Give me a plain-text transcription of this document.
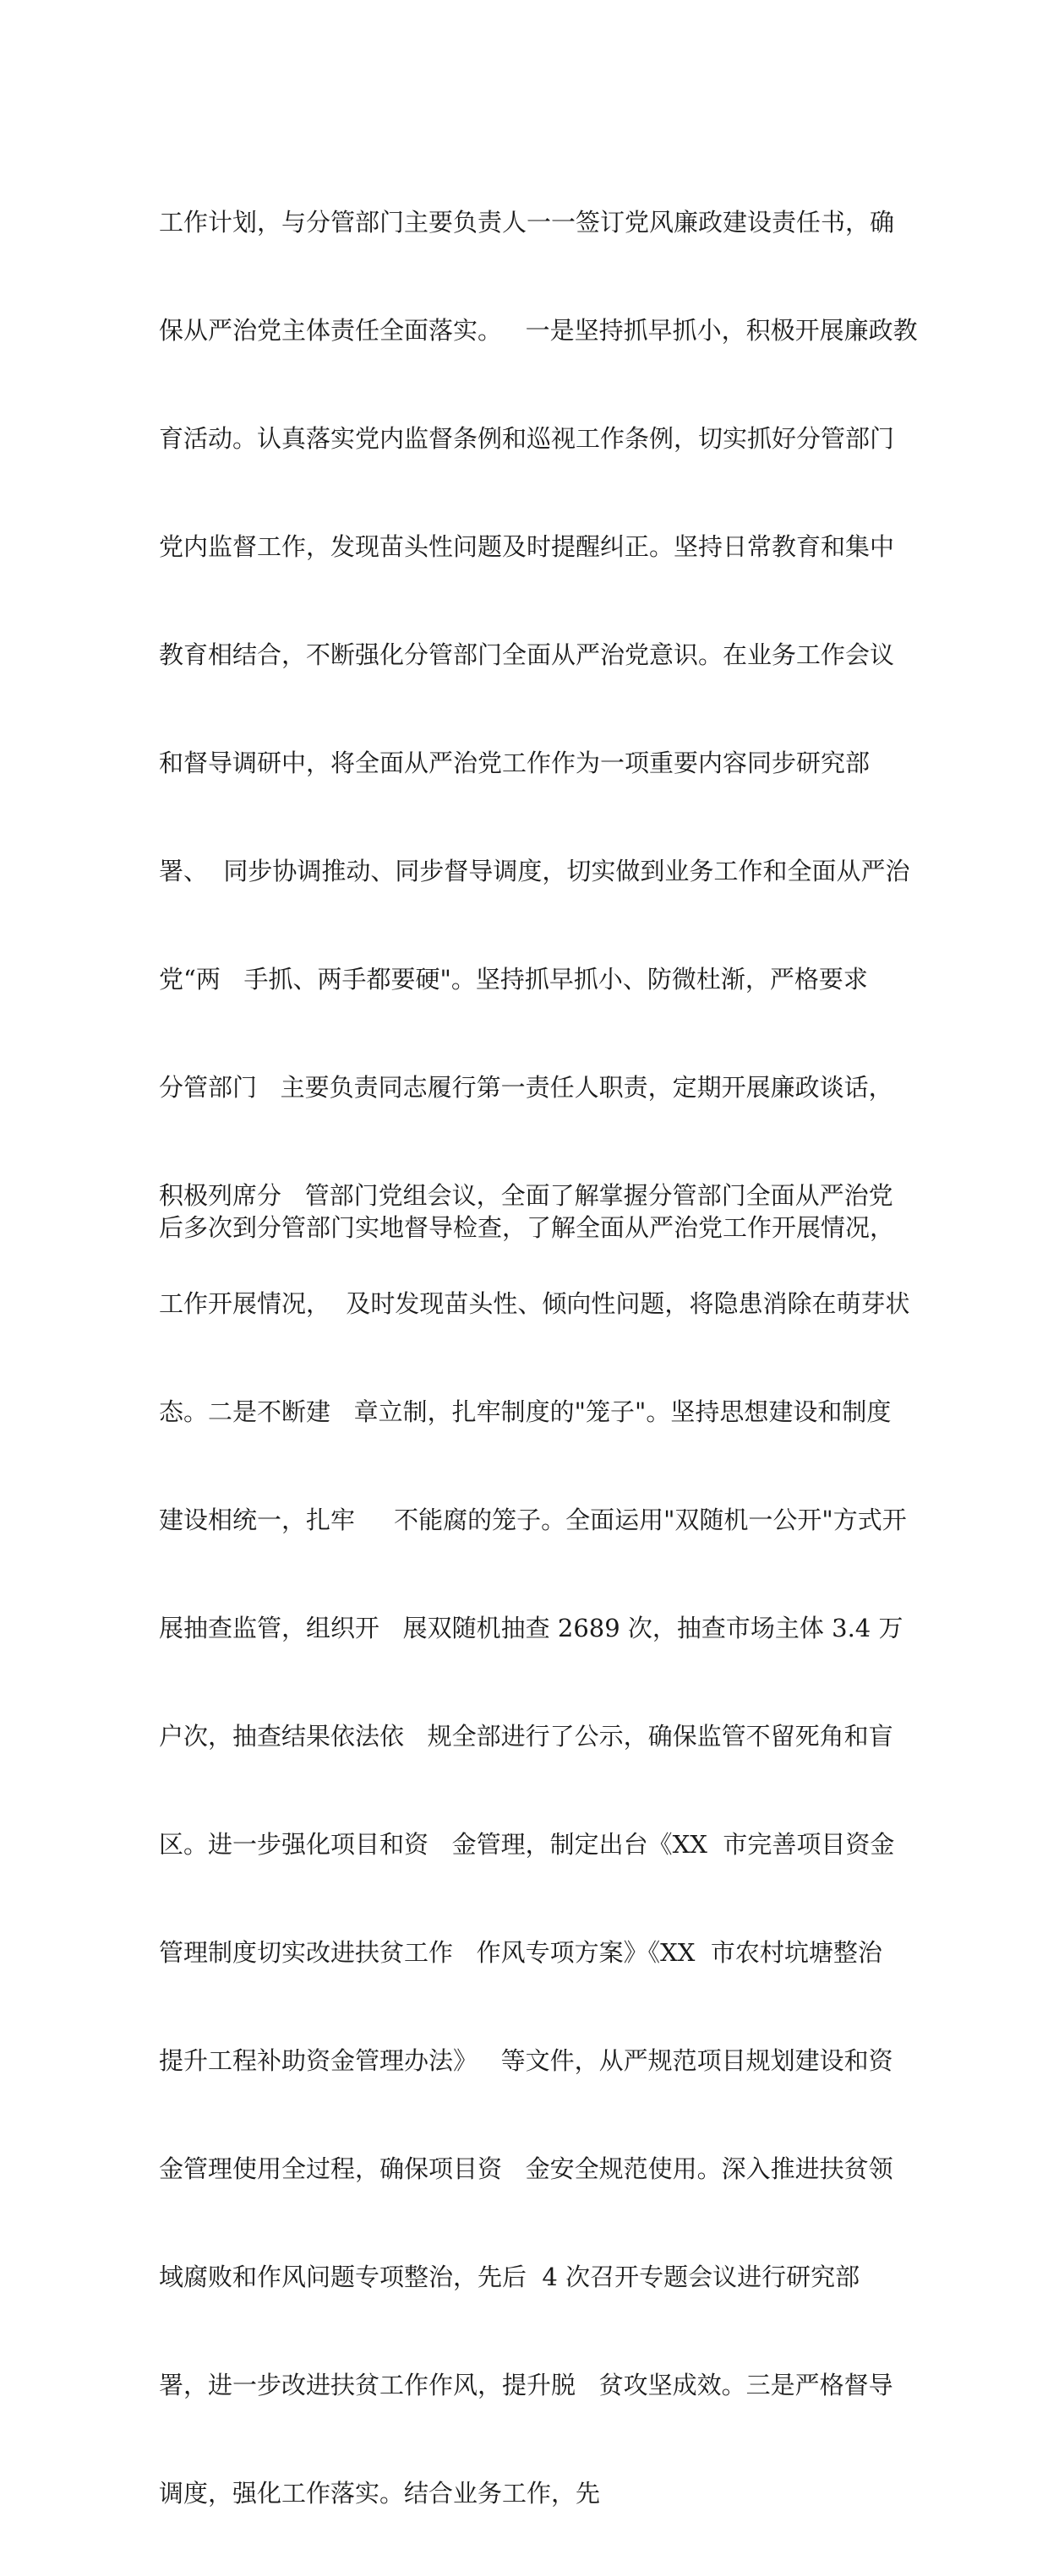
工作计划，与分管部门主要负责人一一签订党风廉政建设责任书，确

保从严治党主体责任全面落实。   一是坚持抓早抓小，积极开展廉政教

育活动。认真落实党内监督条例和巡视工作条例，切实抓好分管部门

党内监督工作，发现苗头性问题及时提醒纠正。坚持日常教育和集中

教育相结合，不断强化分管部门全面从严治党意识。在业务工作会议

和督导调研中，将全面从严治党工作作为一项重要内容同步研究部

署、  同步协调推动、同步督导调度，切实做到业务工作和全面从严治

党“两   手抓、两手都要硬"。坚持抓早抓小、防微杜渐，严格要求

分管部门   主要负责同志履行第一责任人职责，定期开展廉政谈话，

积极列席分   管部门党组会议，全面了解掌握分管部门全面从严治党

工作开展情况，  及时发现苗头性、倾向性问题，将隐患消除在萌芽状

态。二是不断建   章立制，扎牢制度的"笼子"。坚持思想建设和制度

建设相统一，扎牢     不能腐的笼子。全面运用"双随机一公开"方式开

展抽查监管，组织开   展双随机抽查 2689 次，抽查市场主体 3.4 万

户次，抽查结果依法依   规全部进行了公示，确保监管不留死角和盲

区。进一步强化项目和资   金管理，制定出台《XX  市完善项目资金

管理制度切实改进扶贫工作   作风专项方案》《XX  市农村坑塘整治

提升工程补助资金管理办法》   等文件，从严规范项目规划建设和资

金管理使用全过程，确保项目资   金安全规范使用。深入推进扶贫领

域腐败和作风问题专项整治，先后  4 次召开专题会议进行研究部

署，进一步改进扶贫工作作风，提升脱   贫攻坚成效。三是严格督导

调度，强化工作落实。结合业务工作，先

后多次到分管部门实地督导检查，了解全面从严治党工作开展情况，
